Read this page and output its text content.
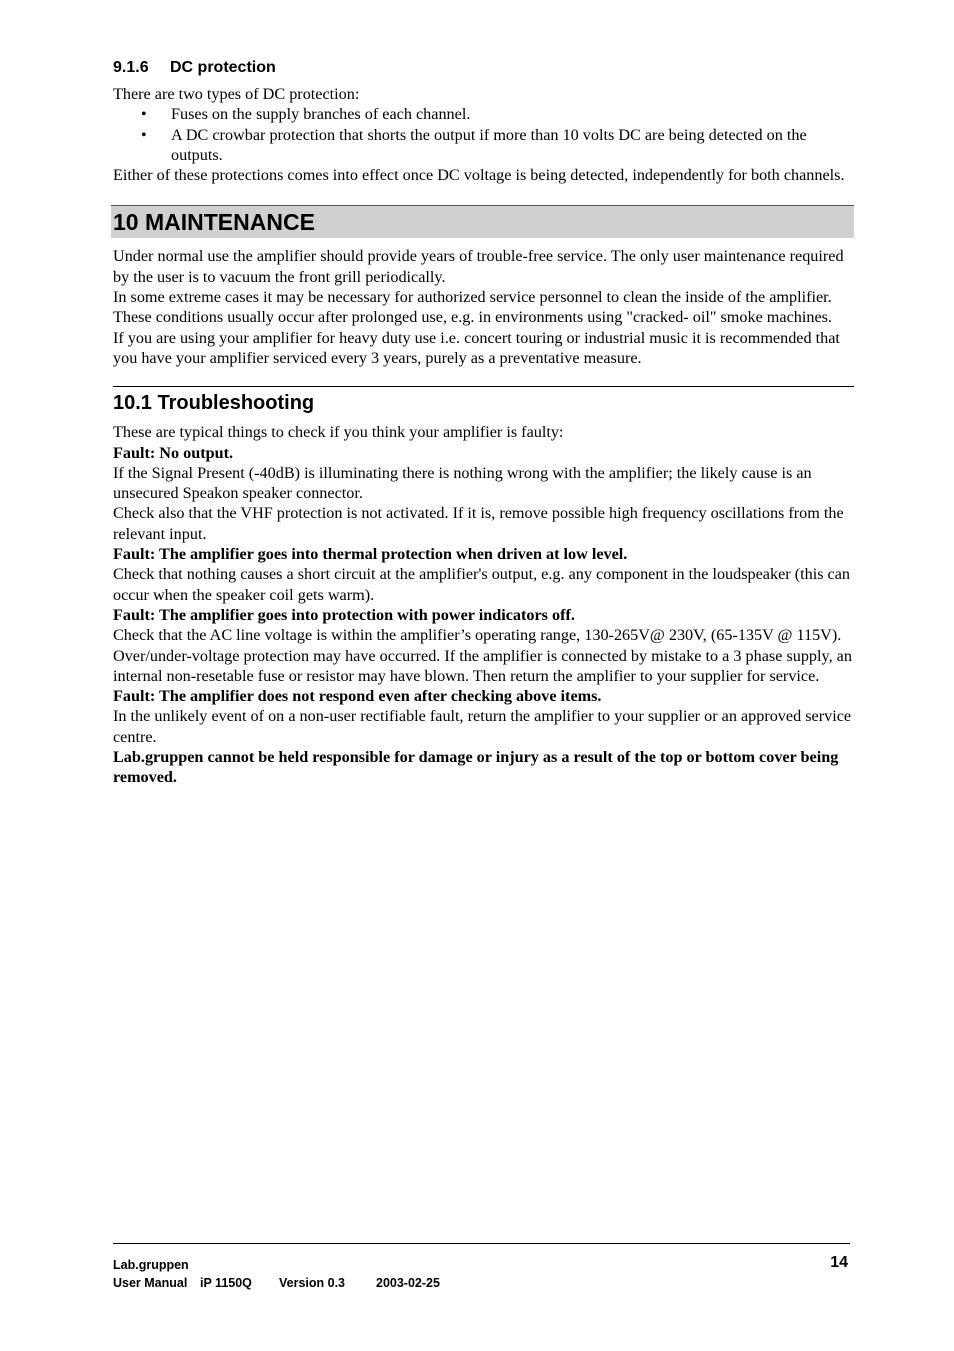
9.1.6 DC protection

There are two types of DC protection:

• Fuses on the supply branches of each channel.
• A DC crowbar protection that shorts the output if more than 10 volts DC are being detected on the outputs.

Either of these protections comes into effect once DC voltage is being detected, independently for both channels.

10 MAINTENANCE

Under normal use the amplifier should provide years of trouble-free service. The only user maintenance required by the user is to vacuum the front grill periodically.

In some extreme cases it may be necessary for authorized service personnel to clean the inside of the amplifier. These conditions usually occur after prolonged use, e.g. in environments using "cracked- oil" smoke machines.

If you are using your amplifier for heavy duty use i.e. concert touring or industrial music it is recommended that you have your amplifier serviced every 3 years, purely as a preventative measure.

10.1 Troubleshooting

These are typical things to check if you think your amplifier is faulty:

Fault: No output.

If the Signal Present (-40dB) is illuminating there is nothing wrong with the amplifier; the likely cause is an unsecured Speakon speaker connector.

Check also that the VHF protection is not activated. If it is, remove possible high frequency oscillations from the relevant input.

Fault: The amplifier goes into thermal protection when driven at low level.

Check that nothing causes a short circuit at the amplifier's output, e.g. any component in the loudspeaker (this can occur when the speaker coil gets warm).

Fault: The amplifier goes into protection with power indicators off.

Check that the AC line voltage is within the amplifier’s operating range, 130-265V@ 230V, (65-135V @ 115V). Over/under-voltage protection may have occurred. If the amplifier is connected by mistake to a 3 phase supply, an internal non-resetable fuse or resistor may have blown. Then return the amplifier to your supplier for service.

Fault: The amplifier does not respond even after checking above items.

In the unlikely event of on a non-user rectifiable fault, return the amplifier to your supplier or an approved service centre.

Lab.gruppen cannot be held responsible for damage or injury as a result of the top or bottom cover being removed.

Lab.gruppen
User Manual iP 1150Q Version 0.3 2003-02-25
14
